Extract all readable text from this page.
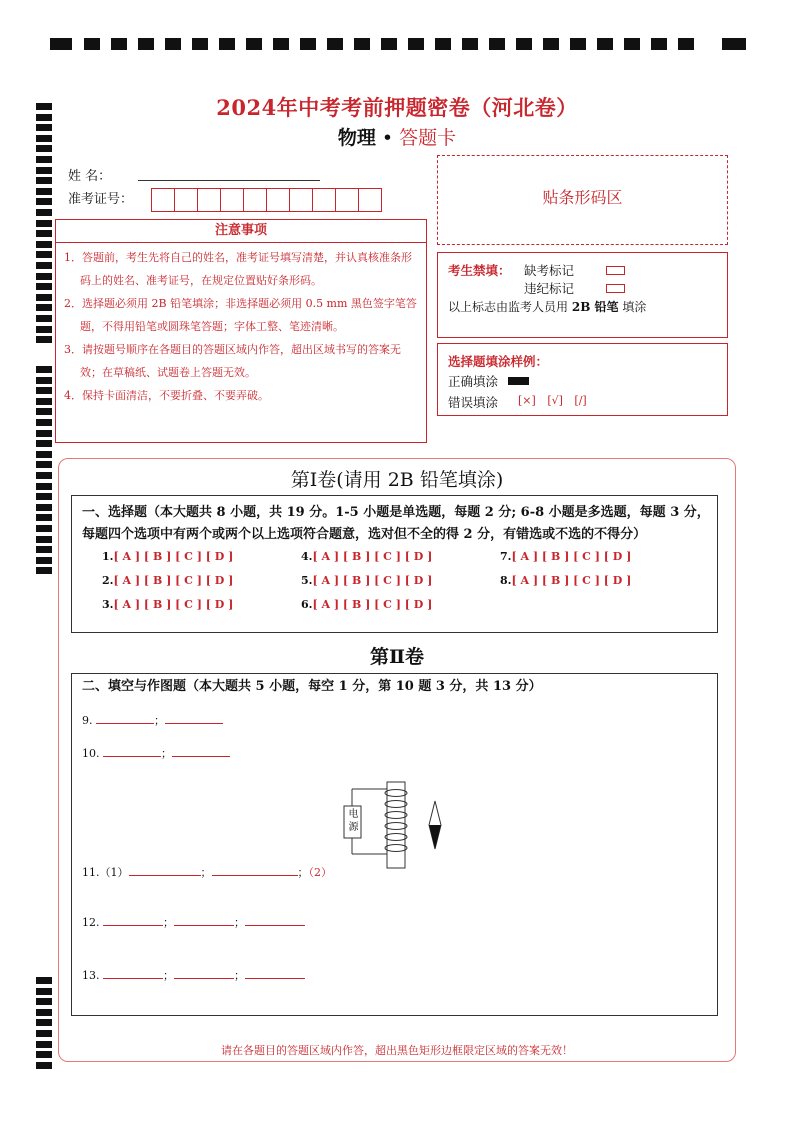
2024年中考考前押题密卷（河北卷）
物理 • 答题卡
姓 名：
准考证号：	贴条形码区
注意事项

1．答题前，考生先将自己的姓名，准考证号填写清楚，并认真核准条形码上的姓名、准考证号，在规定位置贴好条形码。

2．选择题必须用 2B 铅笔填涂；非选择题必须用 0.5 mm 黑色签字笔答题，不得用铅笔或圆珠笔答题；字体工整、笔迹清晰。

3．请按题号顺序在各题目的答题区域内作答，超出区域书写的答案无效；在草稿纸、试题卷上答题无效。

4．保持卡面清洁，不要折叠、不要弄破。

考生禁填： 缺考标记
违纪标记
以上标志由监考人员用 2B 铅笔 填涂
选择题填涂样例：
正确填涂
错误填涂 [×] [√] [/]
第Ⅰ卷(请用 2B 铅笔填涂)
一、选择题（本大题共 8 小题，共 19 分。1-5 小题是单选题，每题 2 分; 6-8 小题是多选题，每题 3 分，每题四个选项中有两个或两个以上选项符合题意，选对但不全的得 2 分，有错选或不选的不得分）
1.[ A ] [ B ] [ C ] [ D ]
2.[ A ] [ B ] [ C ] [ D ]
3.[ A ] [ B ] [ C ] [ D ]
4.[ A ] [ B ] [ C ] [ D ]
5.[ A ] [ B ] [ C ] [ D ]
6.[ A ] [ B ] [ C ] [ D ]
7.[ A ] [ B ] [ C ] [ D ]
8.[ A ] [ B ] [ C ] [ D ]
第Ⅱ卷
二、填空与作图题（本大题共 5 小题，每空 1 分，第 10 题 3 分，共 13 分）
9.	；
10.	；
电源
11.（1）	；	；（2）
12.	；	；
13.	；	；
请在各题目的答题区域内作答，超出黑色矩形边框限定区域的答案无效！
